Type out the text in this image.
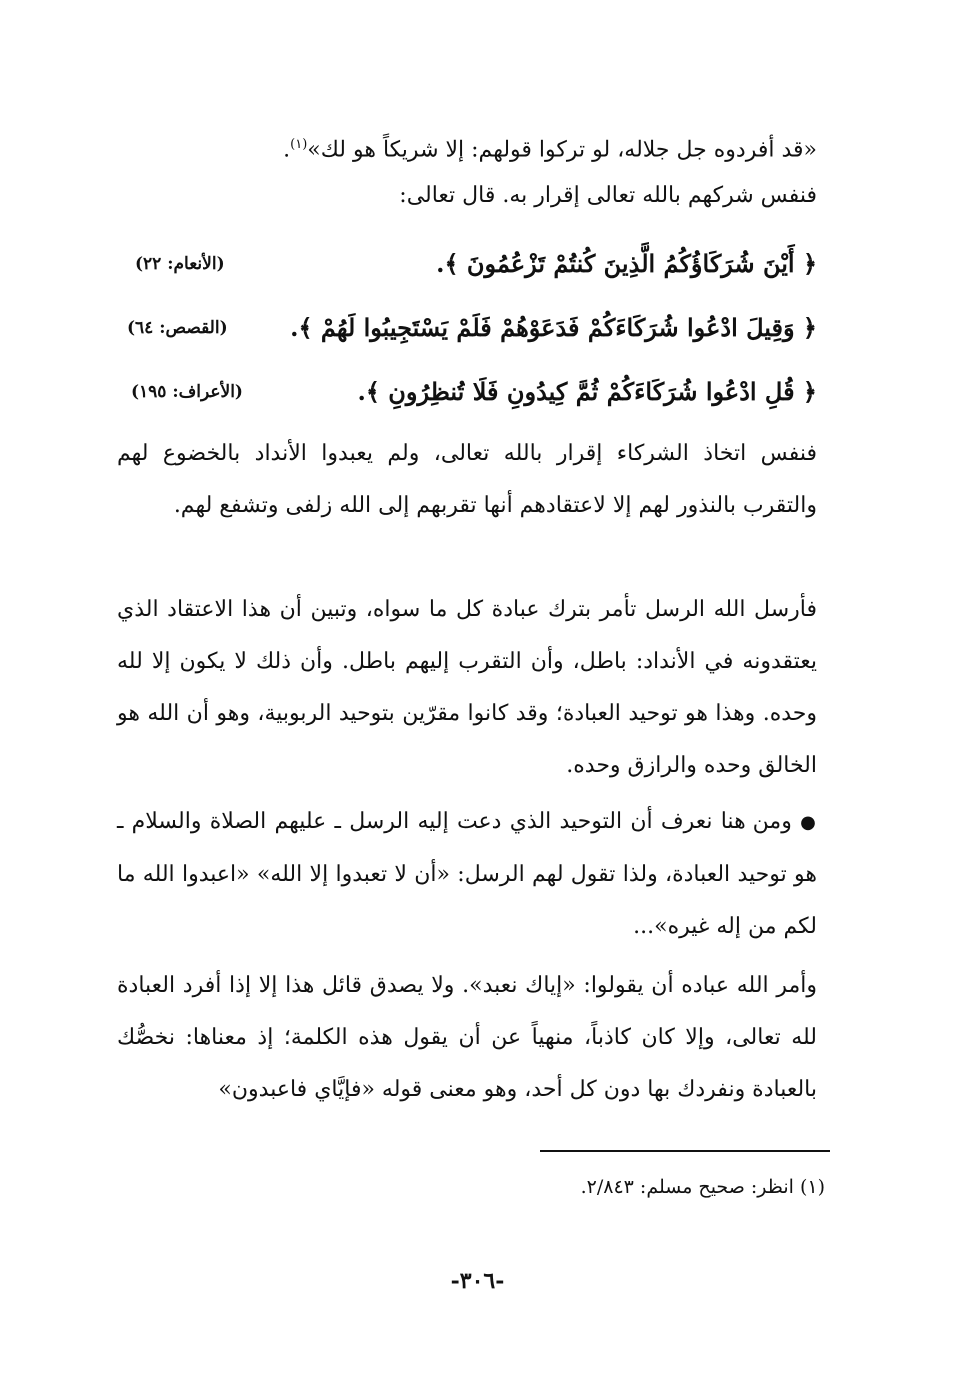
«قد أفردوه جل جلاله، لو تركوا قولهم: إلا شريكاً هو لك»$^{(١)}$.
فنفس شركهم بالله تعالى إقرار به. قال تعالى:
﴿ أَيْنَ شُرَكَاؤُكُمُ الَّذِينَ كُنتُمْ تَزْعُمُونَ ﴾.
(الأنعام: ٢٢)
﴿ وَقِيلَ ادْعُوا شُرَكَاءَكُمْ فَدَعَوْهُمْ فَلَمْ يَسْتَجِيبُوا لَهُمْ ﴾.
(القصص: ٦٤)
﴿ قُلِ ادْعُوا شُرَكَاءَكُمْ ثُمَّ كِيدُونِ فَلَا تُنظِرُونِ ﴾.
(الأعراف: ١٩٥)
فنفس اتخاذ الشركاء إقرار بالله تعالى، ولم يعبدوا الأنداد بالخضوع لهم والتقرب بالنذور لهم إلا لاعتقادهم أنها تقربهم إلى الله زلفى وتشفع لهم.
فأرسل الله الرسل تأمر بترك عبادة كل ما سواه، وتبين أن هذا الاعتقاد الذي يعتقدونه في الأنداد: باطل، وأن التقرب إليهم باطل. وأن ذلك لا يكون إلا لله وحده. وهذا هو توحيد العبادة؛ وقد كانوا مقرّين بتوحيد الربوبية، وهو أن الله هو الخالق وحده والرازق وحده.
● ومن هنا نعرف أن التوحيد الذي دعت إليه الرسل ـ عليهم الصلاة والسلام ـ هو توحيد العبادة، ولذا تقول لهم الرسل: «أن لا تعبدوا إلا الله» «اعبدوا الله ما لكم من إله غيره»...
وأمر الله عباده أن يقولوا: «إياك نعبد». ولا يصدق قائل هذا إلا إذا أفرد العبادة لله تعالى، وإلا كان كاذباً، منهياً عن أن يقول هذه الكلمة؛ إذ معناها: نخصُّك بالعبادة ونفردك بها دون كل أحد، وهو معنى قوله «فإيَّاي فاعبدون»
(١) انظر: صحيح مسلم: ٢/٨٤٣.
-٣٠٦-
